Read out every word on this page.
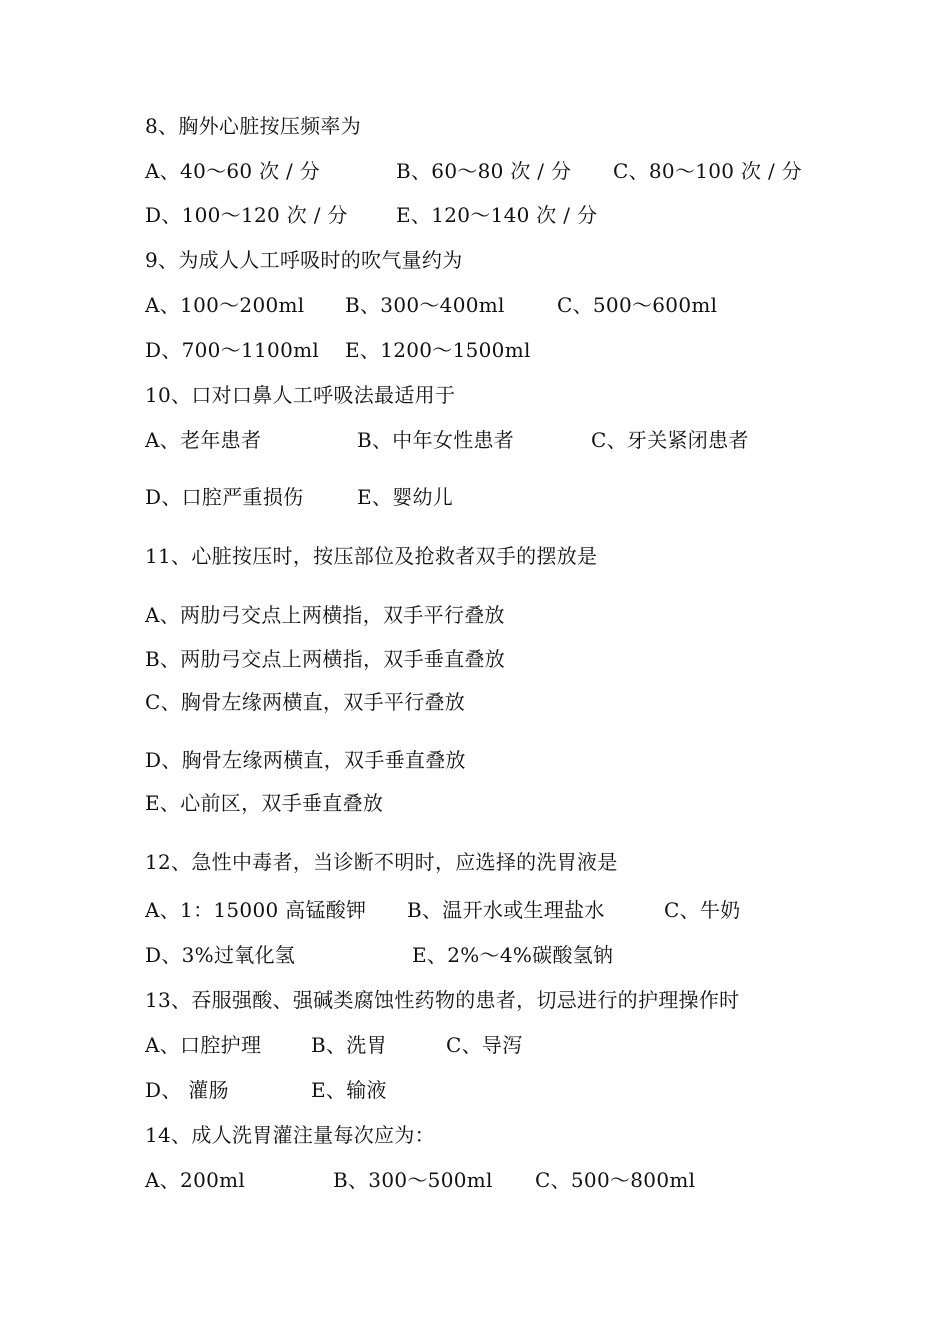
8、胸外心脏按压频率为
A、40～60 次 / 分	B、60～80 次 / 分 C、80～100 次 / 分
D、100～120 次 / 分 E、120～140 次 / 分
9、为成人人工呼吸时的吹气量约为
A、100～200ml B、300～400ml	C、500～600ml
D、700～1100ml E、1200～1500ml
10、口对口鼻人工呼吸法最适用于
A、老年患者	B、中年女性患者	C、牙关紧闭患者
D、口腔严重损伤	E、婴幼儿
11、心脏按压时，按压部位及抢救者双手的摆放是
A、两肋弓交点上两横指，双手平行叠放
B、两肋弓交点上两横指，双手垂直叠放
C、胸骨左缘两横直，双手平行叠放
D、胸骨左缘两横直，双手垂直叠放
E、心前区，双手垂直叠放
12、急性中毒者，当诊断不明时，应选择的洗胃液是
A、1：15000 高锰酸钾 B、温开水或生理盐水	C、牛奶
D、3%过氧化氢	E、2%～4%碳酸氢钠
13、吞服强酸、强碱类腐蚀性药物的患者，切忌进行的护理操作时
A、口腔护理 B、洗胃	C、导泻
D、 灌肠	E、输液
14、成人洗胃灌注量每次应为：
A、200ml	B、300～500ml C、500～800ml
